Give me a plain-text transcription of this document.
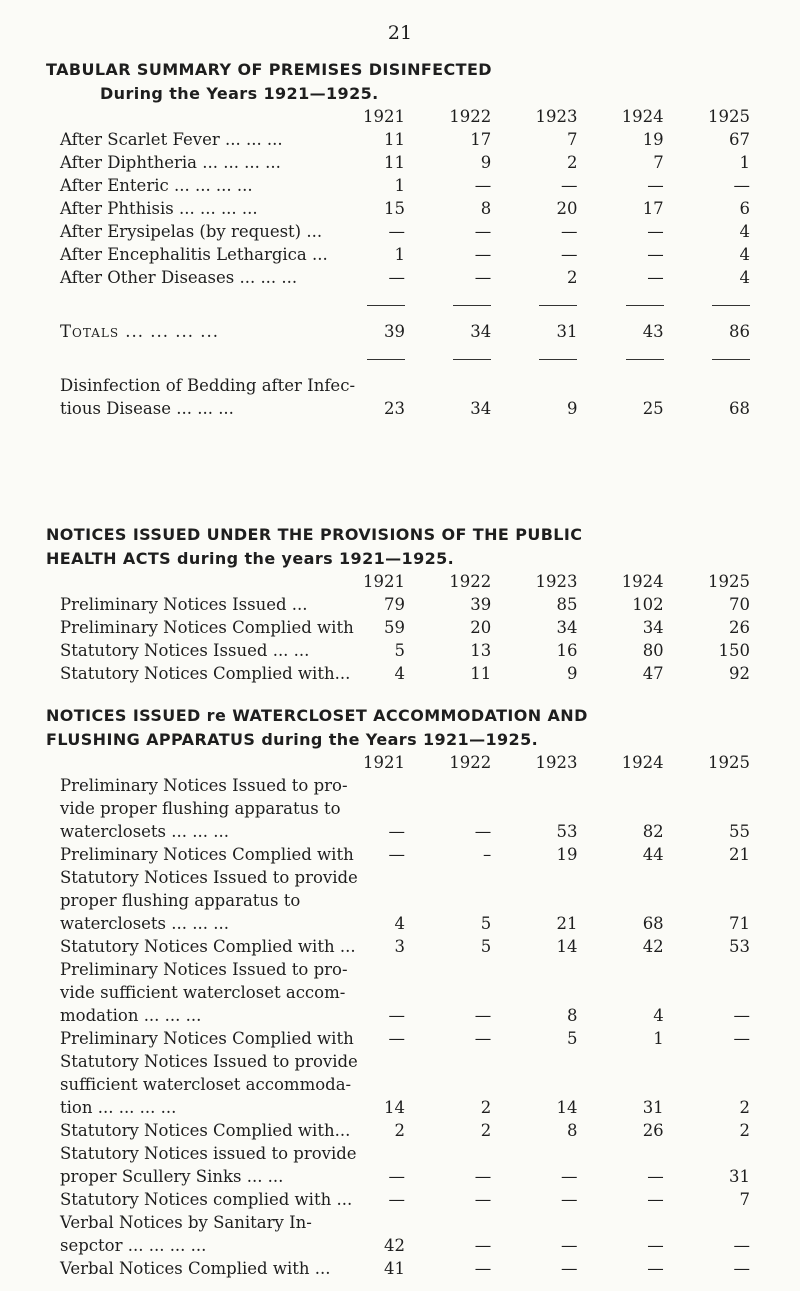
21
TABULAR SUMMARY OF PREMISES DISINFECTED
During the Years 1921—1925.
	1921	1922	1923	1924	1925
After Scarlet Fever ... ... ...	11	17	7	19	67
After Diphtheria ... ... ... ...	11	9	2	7	1
After Enteric ... ... ... ...	1	—	—	—	—
After Phthisis ... ... ... ...	15	8	20	17	6
After Erysipelas (by request) ...	—	—	—	—	4
After Encephalitis Lethargica ...	1	—	—	—	4
After Other Diseases ... ... ...	—	—	2	—	4

Totals ... ... ... ...	39	34	31	43	86

Disinfection of Bedding after Infec-					
tious Disease ... ... ...	23	34	9	25	68
NOTICES ISSUED UNDER THE PROVISIONS OF THE PUBLIC
HEALTH ACTS during the years 1921—1925.
	1921	1922	1923	1924	1925
Preliminary Notices Issued ...	79	39	85	102	70
Preliminary Notices Complied with	59	20	34	34	26
Statutory Notices Issued ... ...	5	13	16	80	150
Statutory Notices Complied with...	4	11	9	47	92
NOTICES ISSUED re WATERCLOSET ACCOMMODATION AND
FLUSHING APPARATUS during the Years 1921—1925.
	1921	1922	1923	1924	1925
Preliminary Notices Issued to pro-					
vide proper flushing apparatus to					
waterclosets ... ... ...	—	—	53	82	55
Preliminary Notices Complied with	—	–	19	44	21
Statutory Notices Issued to provide					
proper flushing apparatus to					
waterclosets ... ... ...	4	5	21	68	71
Statutory Notices Complied with ...	3	5	14	42	53
Preliminary Notices Issued to pro-					
vide sufficient watercloset accom-					
modation ... ... ...	—	—	8	4	—
Preliminary Notices Complied with	—	—	5	1	—
Statutory Notices Issued to provide					
sufficient watercloset accommoda-					
tion ... ... ... ...	14	2	14	31	2
Statutory Notices Complied with...	2	2	8	26	2
Statutory Notices issued to provide					
proper Scullery Sinks ... ...	—	—	—	—	31
Statutory Notices complied with ...	—	—	—	—	7
Verbal Notices by Sanitary In-					
sepctor ... ... ... ...	42	—	—	—	—
Verbal Notices Complied with ...	41	—	—	—	—
